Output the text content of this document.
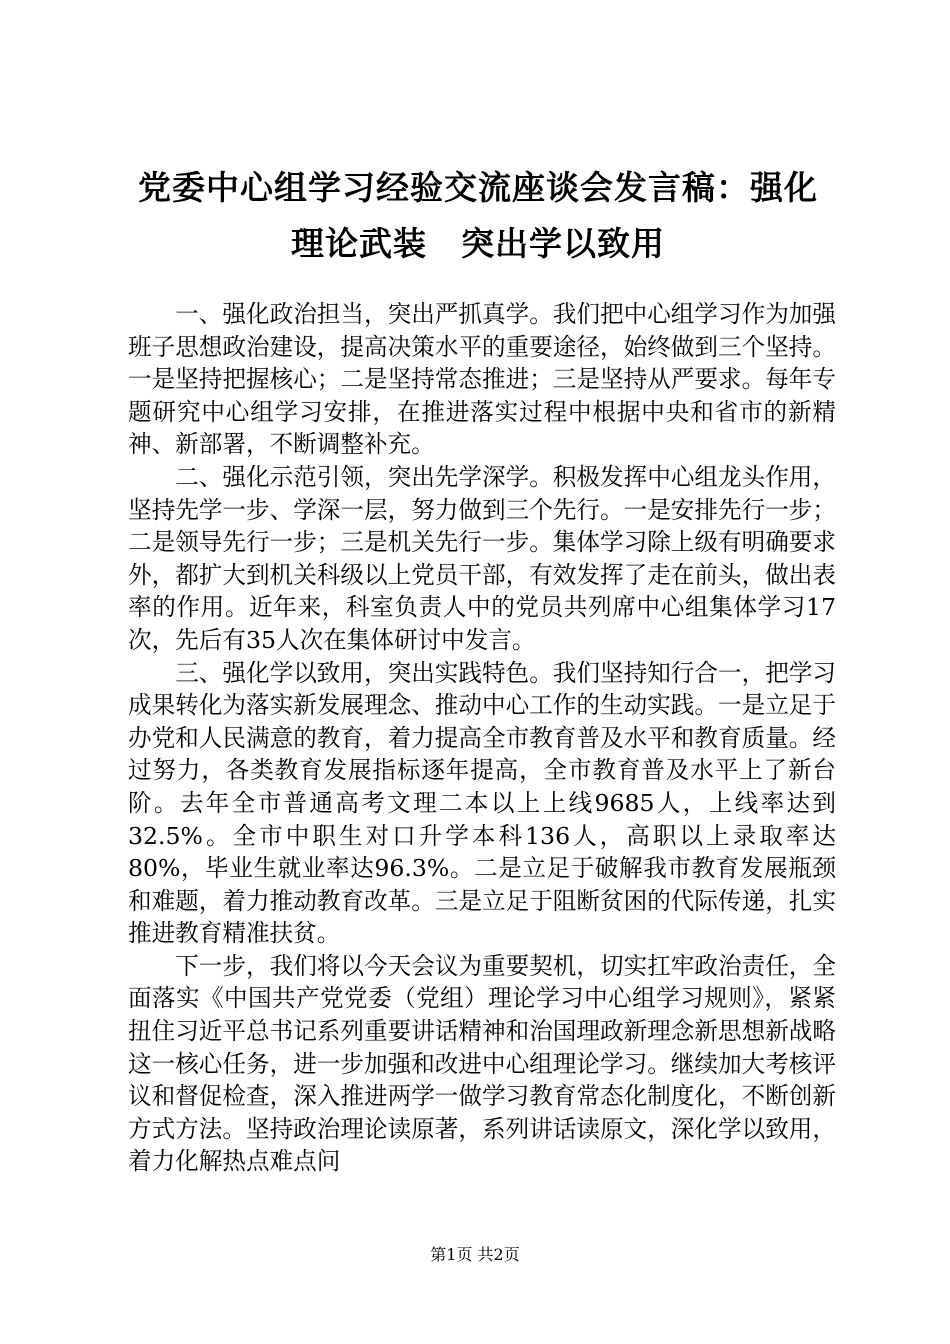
党委中心组学习经验交流座谈会发言稿：强化
理论武装　突出学以致用

一、强化政治担当，突出严抓真学。我们把中心组学习作为加强班子思想政治建设，提高决策水平的重要途径，始终做到三个坚持。一是坚持把握核心；二是坚持常态推进；三是坚持从严要求。每年专题研究中心组学习安排，在推进落实过程中根据中央和省市的新精神、新部署，不断调整补充。

二、强化示范引领，突出先学深学。积极发挥中心组龙头作用，坚持先学一步、学深一层，努力做到三个先行。一是安排先行一步；二是领导先行一步；三是机关先行一步。集体学习除上级有明确要求外，都扩大到机关科级以上党员干部，有效发挥了走在前头，做出表率的作用。近年来，科室负责人中的党员共列席中心组集体学习17次，先后有35人次在集体研讨中发言。

三、强化学以致用，突出实践特色。我们坚持知行合一，把学习成果转化为落实新发展理念、推动中心工作的生动实践。一是立足于办党和人民满意的教育，着力提高全市教育普及水平和教育质量。经过努力，各类教育发展指标逐年提高，全市教育普及水平上了新台阶。去年全市普通高考文理二本以上上线9685人，上线率达到32.5%。全市中职生对口升学本科136人，高职以上录取率达80%，毕业生就业率达96.3%。二是立足于破解我市教育发展瓶颈和难题，着力推动教育改革。三是立足于阻断贫困的代际传递，扎实推进教育精准扶贫。

下一步，我们将以今天会议为重要契机，切实扛牢政治责任，全面落实《中国共产党党委（党组）理论学习中心组学习规则》，紧紧扭住习近平总书记系列重要讲话精神和治国理政新理念新思想新战略这一核心任务，进一步加强和改进中心组理论学习。继续加大考核评议和督促检查，深入推进两学一做学习教育常态化制度化，不断创新方式方法。坚持政治理论读原著，系列讲话读原文，深化学以致用，着力化解热点难点问

第1页 共2页
